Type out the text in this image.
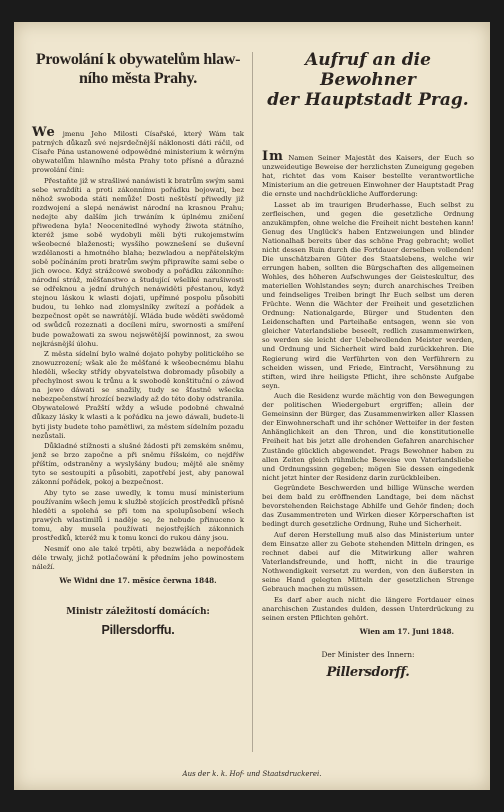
Prowolání k obywatelům hlaw-
ního města Prahy.

We jmenu Jeho Milosti Císařské, který Wám tak patrných důkazů své nejsrdečnější náklonosti dáti ráčil, od Císaře Pána ustanowené odpowědné ministerium k wěrným obywatelům hlawního města Prahy toto přísné a důrazné prowolání čini:

Přestaňte již w strašliwé nanáwisti k bratrům swým sami sebe wraždíti a proti zákonnímu pořádku bojowati, bez něhož swoboda státi nemůže! Dosti neštěstí přiwedly již rozdwojení a slepá nenáwist národní na krasnou Prahu; nedejte aby dalším jich trwáním k úplnému zničení přiwedena byla! Neocenitedlné wyhody žiwota státního, kteréž jsme sobě wydobyli měli býti rukojemstwím wšeobecné blaženosti; wysšího powznešení se duševní wzdělanosti a hmotného blaha; bezwladou a nepřátelským sobě počínáním proti bratrům swým připrawíte sami sebe o jich owoce. Kdyż strážcowé swobody a pořádku zákonního: národní stráž, měšťanstwo a študující wšeliké narušiwosti se odřeknou a jední druhých nenáwiděti přestanou, když stejnou láskou k wlasti dojati, upřímné pospolu působiti budou, tu lehko nad zlomyslníky zwítezí a pořádek a bezpečnost opět se nawrátějí. Wláda bude wěděti swědomě od swůdců rozeznati a docíleni míru, swornosti a smíření bude powažowati za swou nejswětější powinnost, za swou nejkrásnější úlohu.

Z města sídelní bylo walné dojato pohyby politického se znowuzrození; wšak ale že měšťané k wšeobecnému blahu hleděli, wšecky střídy obyvatelstwa dobromady působily a přechylnost swou k trůnu a k swobodě konštituční o záwod na jewo dáwati se snažily, tudy se šťastně wšecka nebezpečenstwí hrozící bezwlady až do této doby odstranila. Obywatelowé Pražští wždy a wšude podobné chwalné důkazy lásky k wlasti a k pořádku na jewo dáwali, budete-li byti jisty budete toho pamětliwi, za městem sídelním pozadu nezůstali.

Důkladné stížnosti a slušné žádosti při zemském sněmu, jenž se brzo započne a při sněmu říšském, co nejdříw příštím, odstraněny a wyslyšány budou; mějtě ale sněmy tyto se sestoupiti a působiti, zapotřebí jest, aby panowal zákonní pořádek, pokoj a bezpečnost.

Aby tyto se zase uwedly, k tomu musí ministerium používaním wšech jemu k službě stojících prostředků přísně hleděti a spolehá se při tom na spolupůsobení wšech prawých wlastimilů i naděje se, že nebude přinuceno k tomu, aby musela použíwati nejostřejších zákonnich prostředků, kteréž mu k tomu konci do rukou dány jsou.

Nesmíť ono ale také trpěti, aby bezwláda a nepořádek déle trwaly, jichž potlačowání k předním jeho powinostem náleží.

We Widni dne 17. měsíce čerwna 1848.
Ministr záležitostí domácích:
Pillersdorffu.
Aufruf an die Bewohner
der Hauptstadt Prag.

Im Namen Seiner Majestät des Kaisers, der Euch so unzweideutige Beweise der herzlichsten Zuneigung gegeben hat, richtet das vom Kaiser bestellte verantwortliche Ministerium an die getreuen Einwohner der Hauptstadt Prag die ernste und nachdrückliche Aufforderung:

Lasset ab im traurigen Bruderhasse, Euch selbst zu zerfleischen, und gegen die gesetzliche Ordnung anzukämpfen, ohne welche die Freiheit nicht bestehen kann! Genug des Unglück's haben Entzweiungen und blinder Nationalhaß bereits über das schöne Prag gebracht; wollet nicht dessen Ruin durch die Fortdauer derselben vollenden! Die unschätzbaren Güter des Staatslebens, welche wir errungen haben, sollten die Bürgschaften des allgemeinen Wohles, des höheren Aufschwunges der Geisteskultur, des materiellen Wohlstandes seyn; durch anarchisches Treiben und feindseliges Treiben bringt Ihr Euch selbst um deren Früchte. Wenn die Wächter der Freiheit und gesetzlichen Ordnung: Nationalgarde, Bürger und Studenten den Leidenschaften und Parteihaße entsagen, wenn sie von gleicher Vaterlandsliebe beseelt, redlich zusammenwirken, so werden sie leicht der Uebelwollenden Meister werden, und Ordnung und Sicherheit wird bald zurückkehren. Die Regierung wird die Verführten von den Verführern zu scheiden wissen, und Friede, Eintracht, Versöhnung zu stiften, wird ihre heiligste Pflicht, ihre schönste Aufgabe seyn.

Auch die Residenz wurde mächtig von den Bewegungen der politischen Wiedergeburt ergriffen; allein der Gemeinsinn der Bürger, das Zusammenwirken aller Klassen der Einwohnerschaft und ihr schöner Wetteifer in der festen Anhänglichkeit an den Thron, und die konstitutionelle Freiheit hat bis jetzt alle drohenden Gefahren anarchischer Zustände glücklich abgewendet. Prags Bewohner haben zu allen Zeiten gleich rühmliche Beweise von Vaterlandsliebe und Ordnungssinn gegeben; mögen Sie dessen eingedenk nicht jetzt hinter der Residenz darin zurückbleiben.

Gegründete Beschwerden und billige Wünsche werden bei dem bald zu eröffnenden Landtage, bei dem nächst bevorstehenden Reichstage Abhilfe und Gehör finden; doch das Zusammentreten und Wirken dieser Körperschaften ist bedingt durch gesetzliche Ordnung, Ruhe und Sicherheit.

Auf deren Herstellung muß also das Ministerium unter dem Einsatze aller zu Gebote stehenden Mitteln dringen, es rechnet dabei auf die Mitwirkung aller wahren Vaterlandsfreunde, und hofft, nicht in die traurige Nothwendigkeit versetzt zu werden, von den äußersten in seine Hand gelegten Mitteln der gesetzlichen Strenge Gebrauch machen zu müssen.

Es darf aber auch nicht die längere Fortdauer eines anarchischen Zustandes dulden, dessen Unterdrückung zu seinen ersten Pflichten gehört.

Wien am 17. Juni 1848.
Der Minister des Innern:
Pillersdorff.
Aus der k. k. Hof- und Staatsdruckerei.
